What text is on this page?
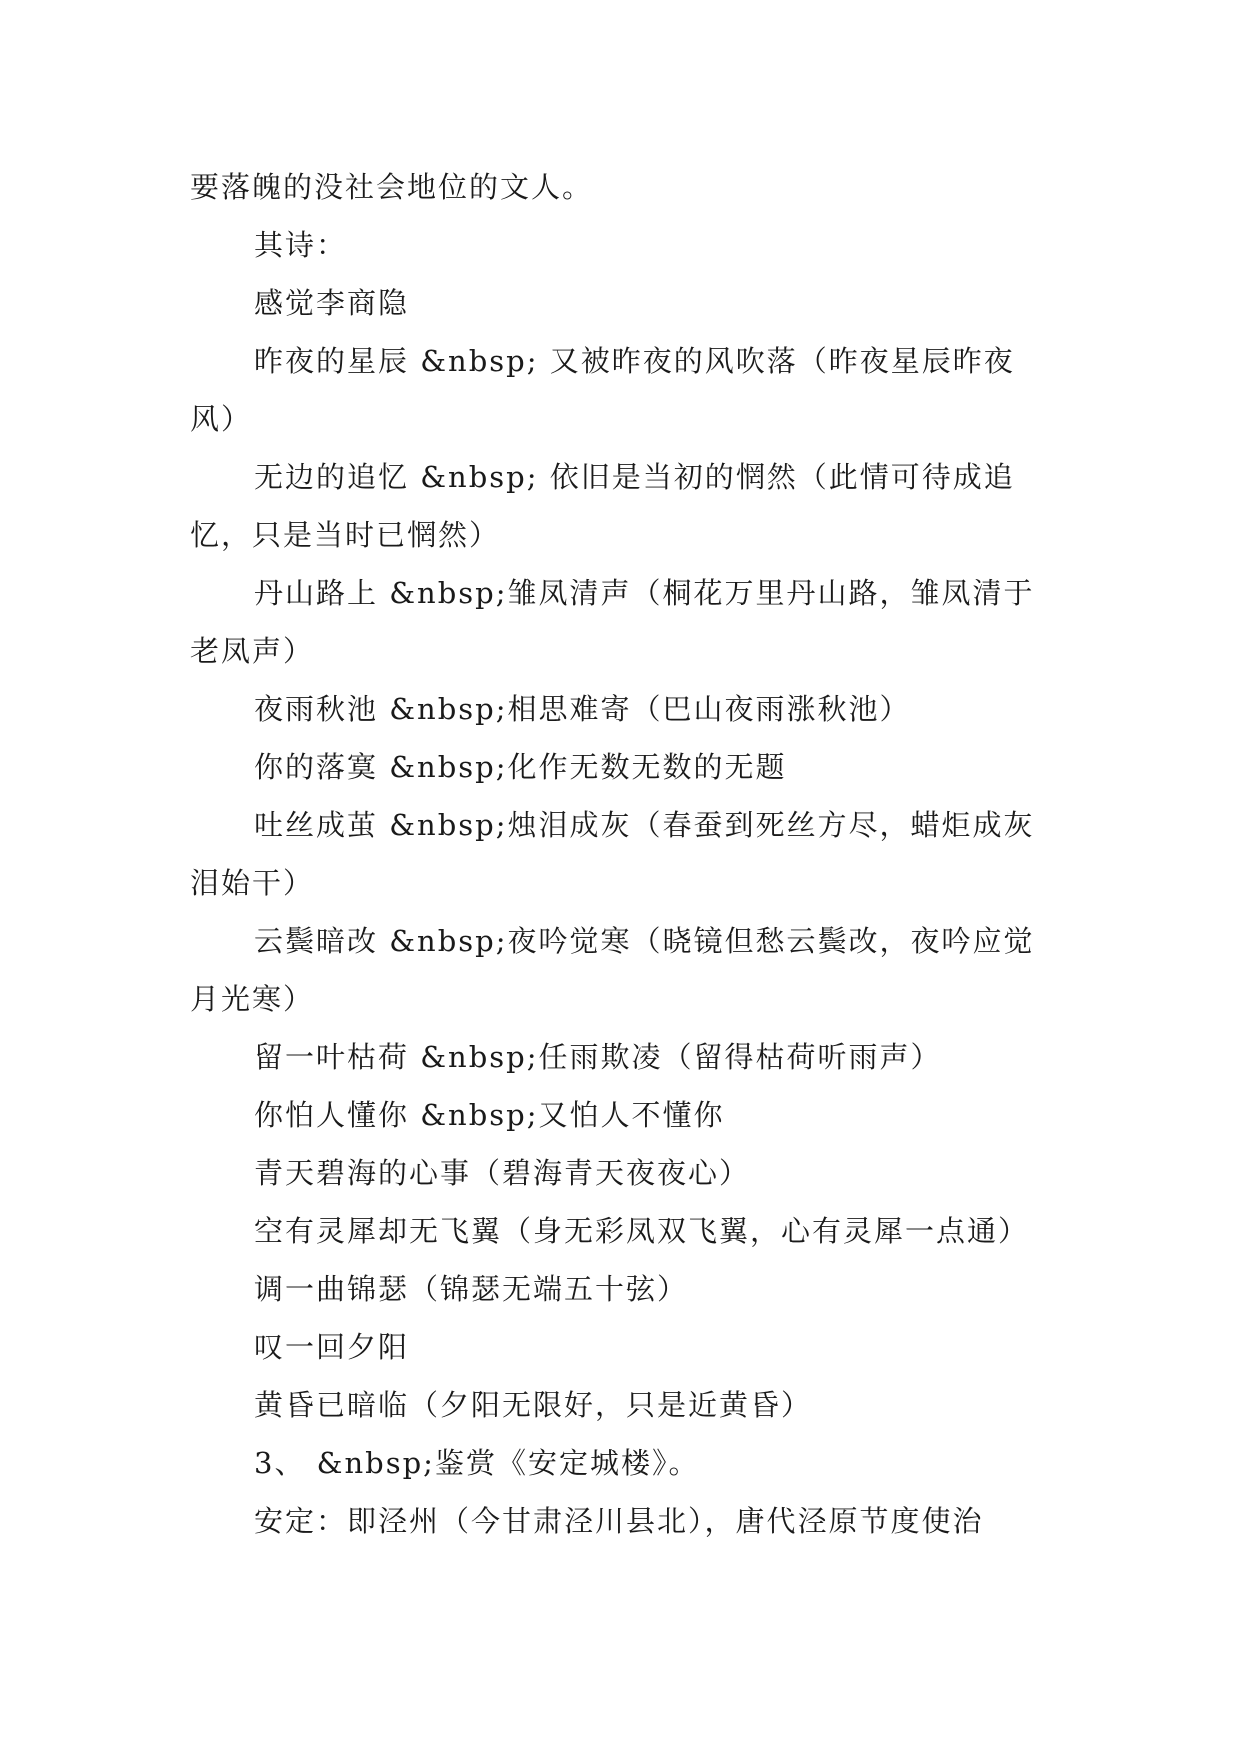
要落魄的没社会地位的文人。

其诗：

感觉李商隐

昨夜的星辰 &nbsp; 又被昨夜的风吹落（昨夜星辰昨夜风）

无边的追忆 &nbsp; 依旧是当初的惘然（此情可待成追忆，只是当时已惘然）

丹山路上 &nbsp;雏凤清声（桐花万里丹山路，雏凤清于老凤声）

夜雨秋池 &nbsp;相思难寄（巴山夜雨涨秋池）

你的落寞 &nbsp;化作无数无数的无题

吐丝成茧 &nbsp;烛泪成灰（春蚕到死丝方尽，蜡炬成灰泪始干）

云鬓暗改 &nbsp;夜吟觉寒（晓镜但愁云鬓改，夜吟应觉月光寒）

留一叶枯荷 &nbsp;任雨欺凌（留得枯荷听雨声）

你怕人懂你 &nbsp;又怕人不懂你

青天碧海的心事（碧海青天夜夜心）

空有灵犀却无飞翼（身无彩凤双飞翼，心有灵犀一点通）

调一曲锦瑟（锦瑟无端五十弦）

叹一回夕阳

黄昏已暗临（夕阳无限好，只是近黄昏）

3、 &nbsp;鉴赏《安定城楼》。

安定：即泾州（今甘肃泾川县北），唐代泾原节度使治
